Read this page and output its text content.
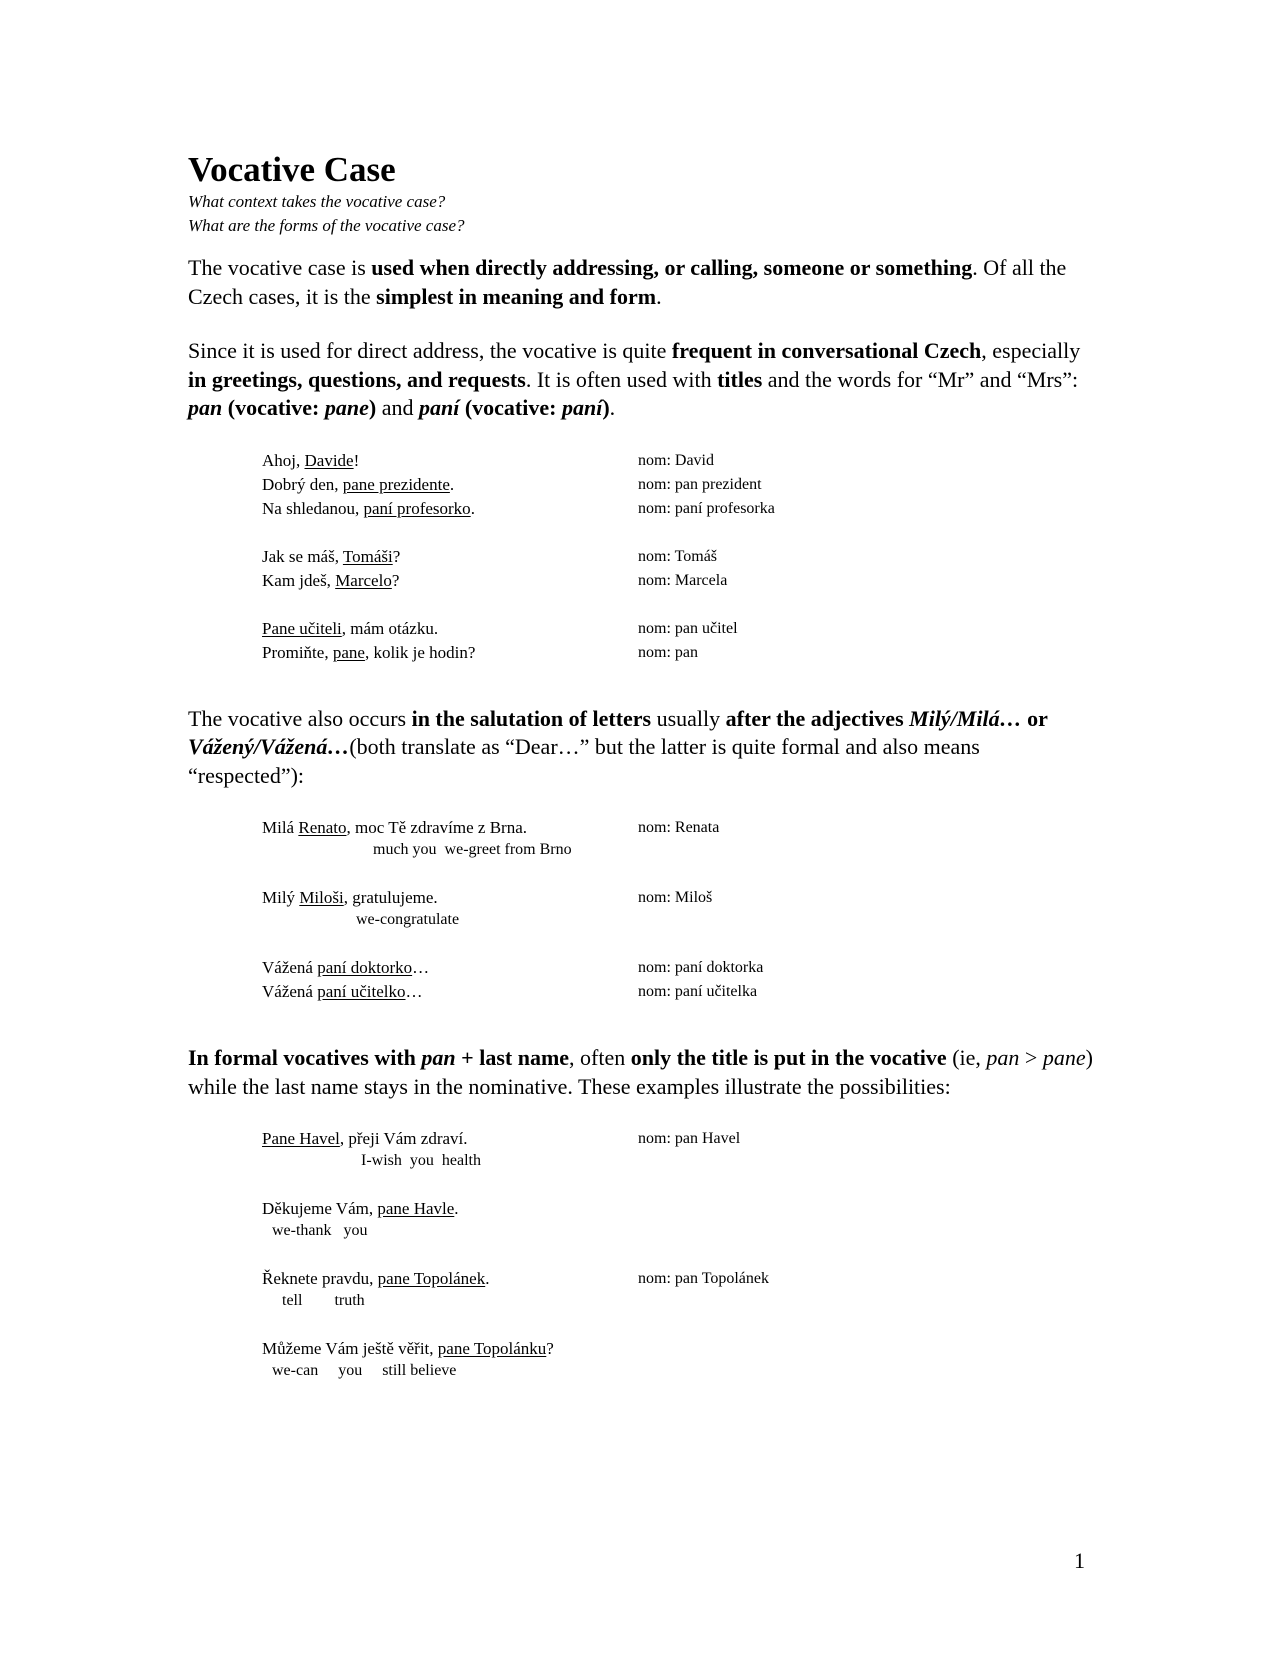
Vocative Case
What context takes the vocative case?
What are the forms of the vocative case?

The vocative case is used when directly addressing, or calling, someone or something. Of all the Czech cases, it is the simplest in meaning and form.

Since it is used for direct address, the vocative is quite frequent in conversational Czech, especially in greetings, questions, and requests. It is often used with titles and the words for “Mr” and “Mrs”: pan (vocative: pane) and paní (vocative: paní).

Ahoj, Davide!	nom: David
Dobrý den, pane prezidente.	nom: pan prezident
Na shledanou, paní profesorko.	nom: paní profesorka
Jak se máš, Tomáši?	nom: Tomáš
Kam jdeš, Marcelo?	nom: Marcela
Pane učiteli, mám otázku.	nom: pan učitel
Promiňte, pane, kolik je hodin?	nom: pan

The vocative also occurs in the salutation of letters usually after the adjectives Milý/Milá… or Vážený/Vážená…(both translate as “Dear…” but the latter is quite formal and also means “respected”):

Milá Renato, moc Tě zdravíme z Brna.	nom: Renata
much you  we-greet from Brno
Milý Miloši, gratulujeme.	nom: Miloš
we-congratulate
Vážená paní doktorko…	nom: paní doktorka
Vážená paní učitelko…	nom: paní učitelka

In formal vocatives with pan + last name, often only the title is put in the vocative (ie, pan > pane) while the last name stays in the nominative. These examples illustrate the possibilities:

Pane Havel, přeji Vám zdraví.	nom: pan Havel
I-wish  you  health
Děkujeme Vám, pane Havle.
we-thank   you
Řeknete pravdu, pane Topolánek.	nom: pan Topolánek
tell        truth
Můžeme Vám ještě věřit, pane Topolánku?
we-can     you     still believe
1
